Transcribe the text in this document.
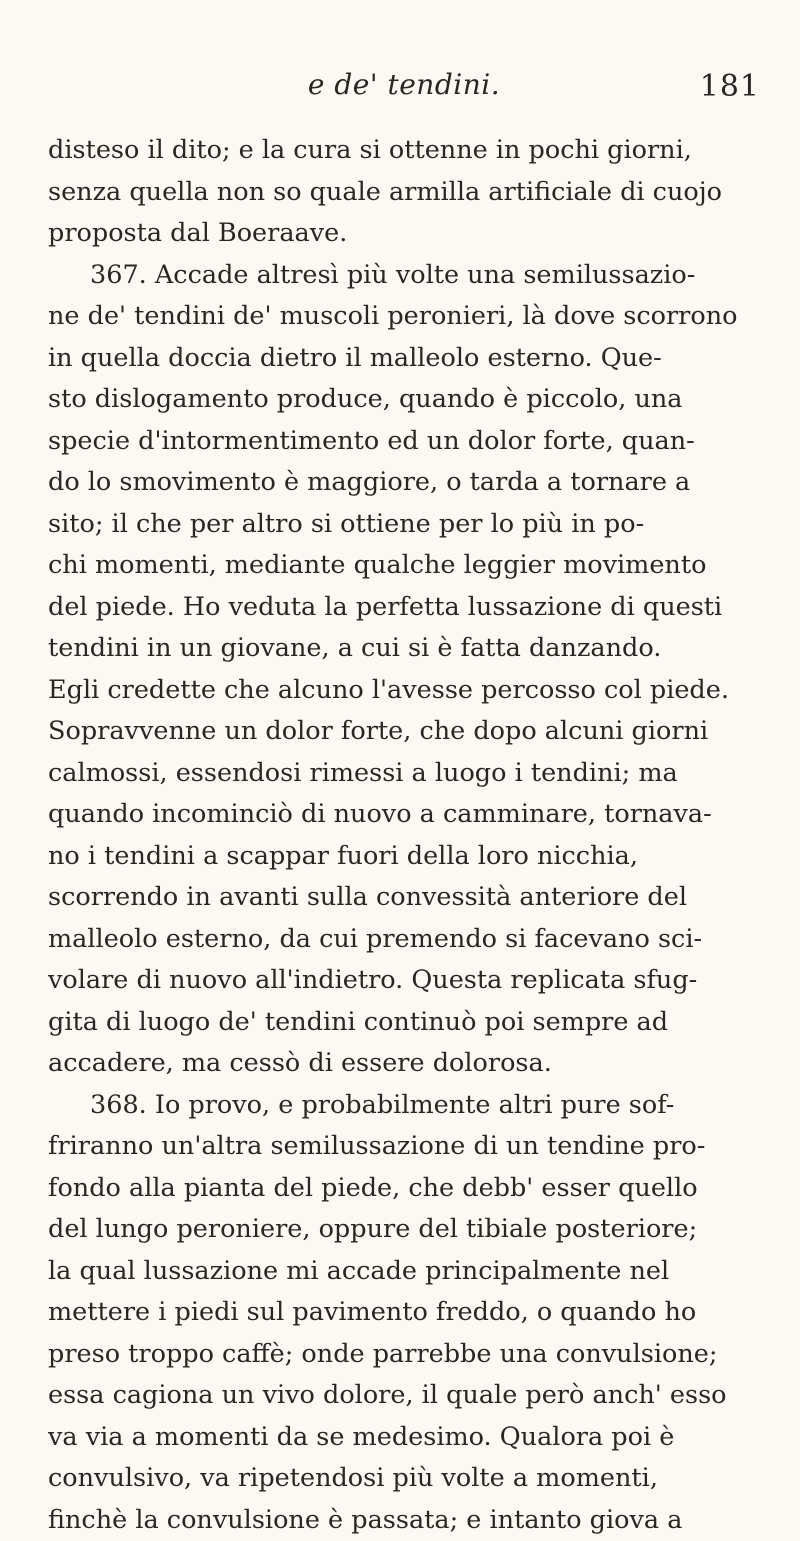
e de' tendini.	181
disteso il dito; e la cura si ottenne in pochi giorni,
senza quella non so quale armilla artificiale di cuojo
proposta dal Boeraave.
367. Accade altresì più volte una semilussazio-
ne de' tendini de' muscoli peronieri, là dove scorrono
in quella doccia dietro il malleolo esterno. Que-
sto dislogamento produce, quando è piccolo, una
specie d'intormentimento ed un dolor forte, quan-
do lo smovimento è maggiore, o tarda a tornare a
sito; il che per altro si ottiene per lo più in po-
chi momenti, mediante qualche leggier movimento
del piede. Ho veduta la perfetta lussazione di questi
tendini in un giovane, a cui si è fatta danzando.
Egli credette che alcuno l'avesse percosso col piede.
Sopravvenne un dolor forte, che dopo alcuni giorni
calmossi, essendosi rimessi a luogo i tendini; ma
quando incominciò di nuovo a camminare, tornava-
no i tendini a scappar fuori della loro nicchia,
scorrendo in avanti sulla convessità anteriore del
malleolo esterno, da cui premendo si facevano sci-
volare di nuovo all'indietro. Questa replicata sfug-
gita di luogo de' tendini continuò poi sempre ad
accadere, ma cessò di essere dolorosa.
368. Io provo, e probabilmente altri pure sof-
friranno un'altra semilussazione di un tendine pro-
fondo alla pianta del piede, che debb' esser quello
del lungo peroniere, oppure del tibiale posteriore;
la qual lussazione mi accade principalmente nel
mettere i piedi sul pavimento freddo, o quando ho
preso troppo caffè; onde parrebbe una convulsione;
essa cagiona un vivo dolore, il quale però anch' esso
va via a momenti da se medesimo. Qualora poi è
convulsivo, va ripetendosi più volte a momenti,
finchè la convulsione è passata; e intanto giova a
